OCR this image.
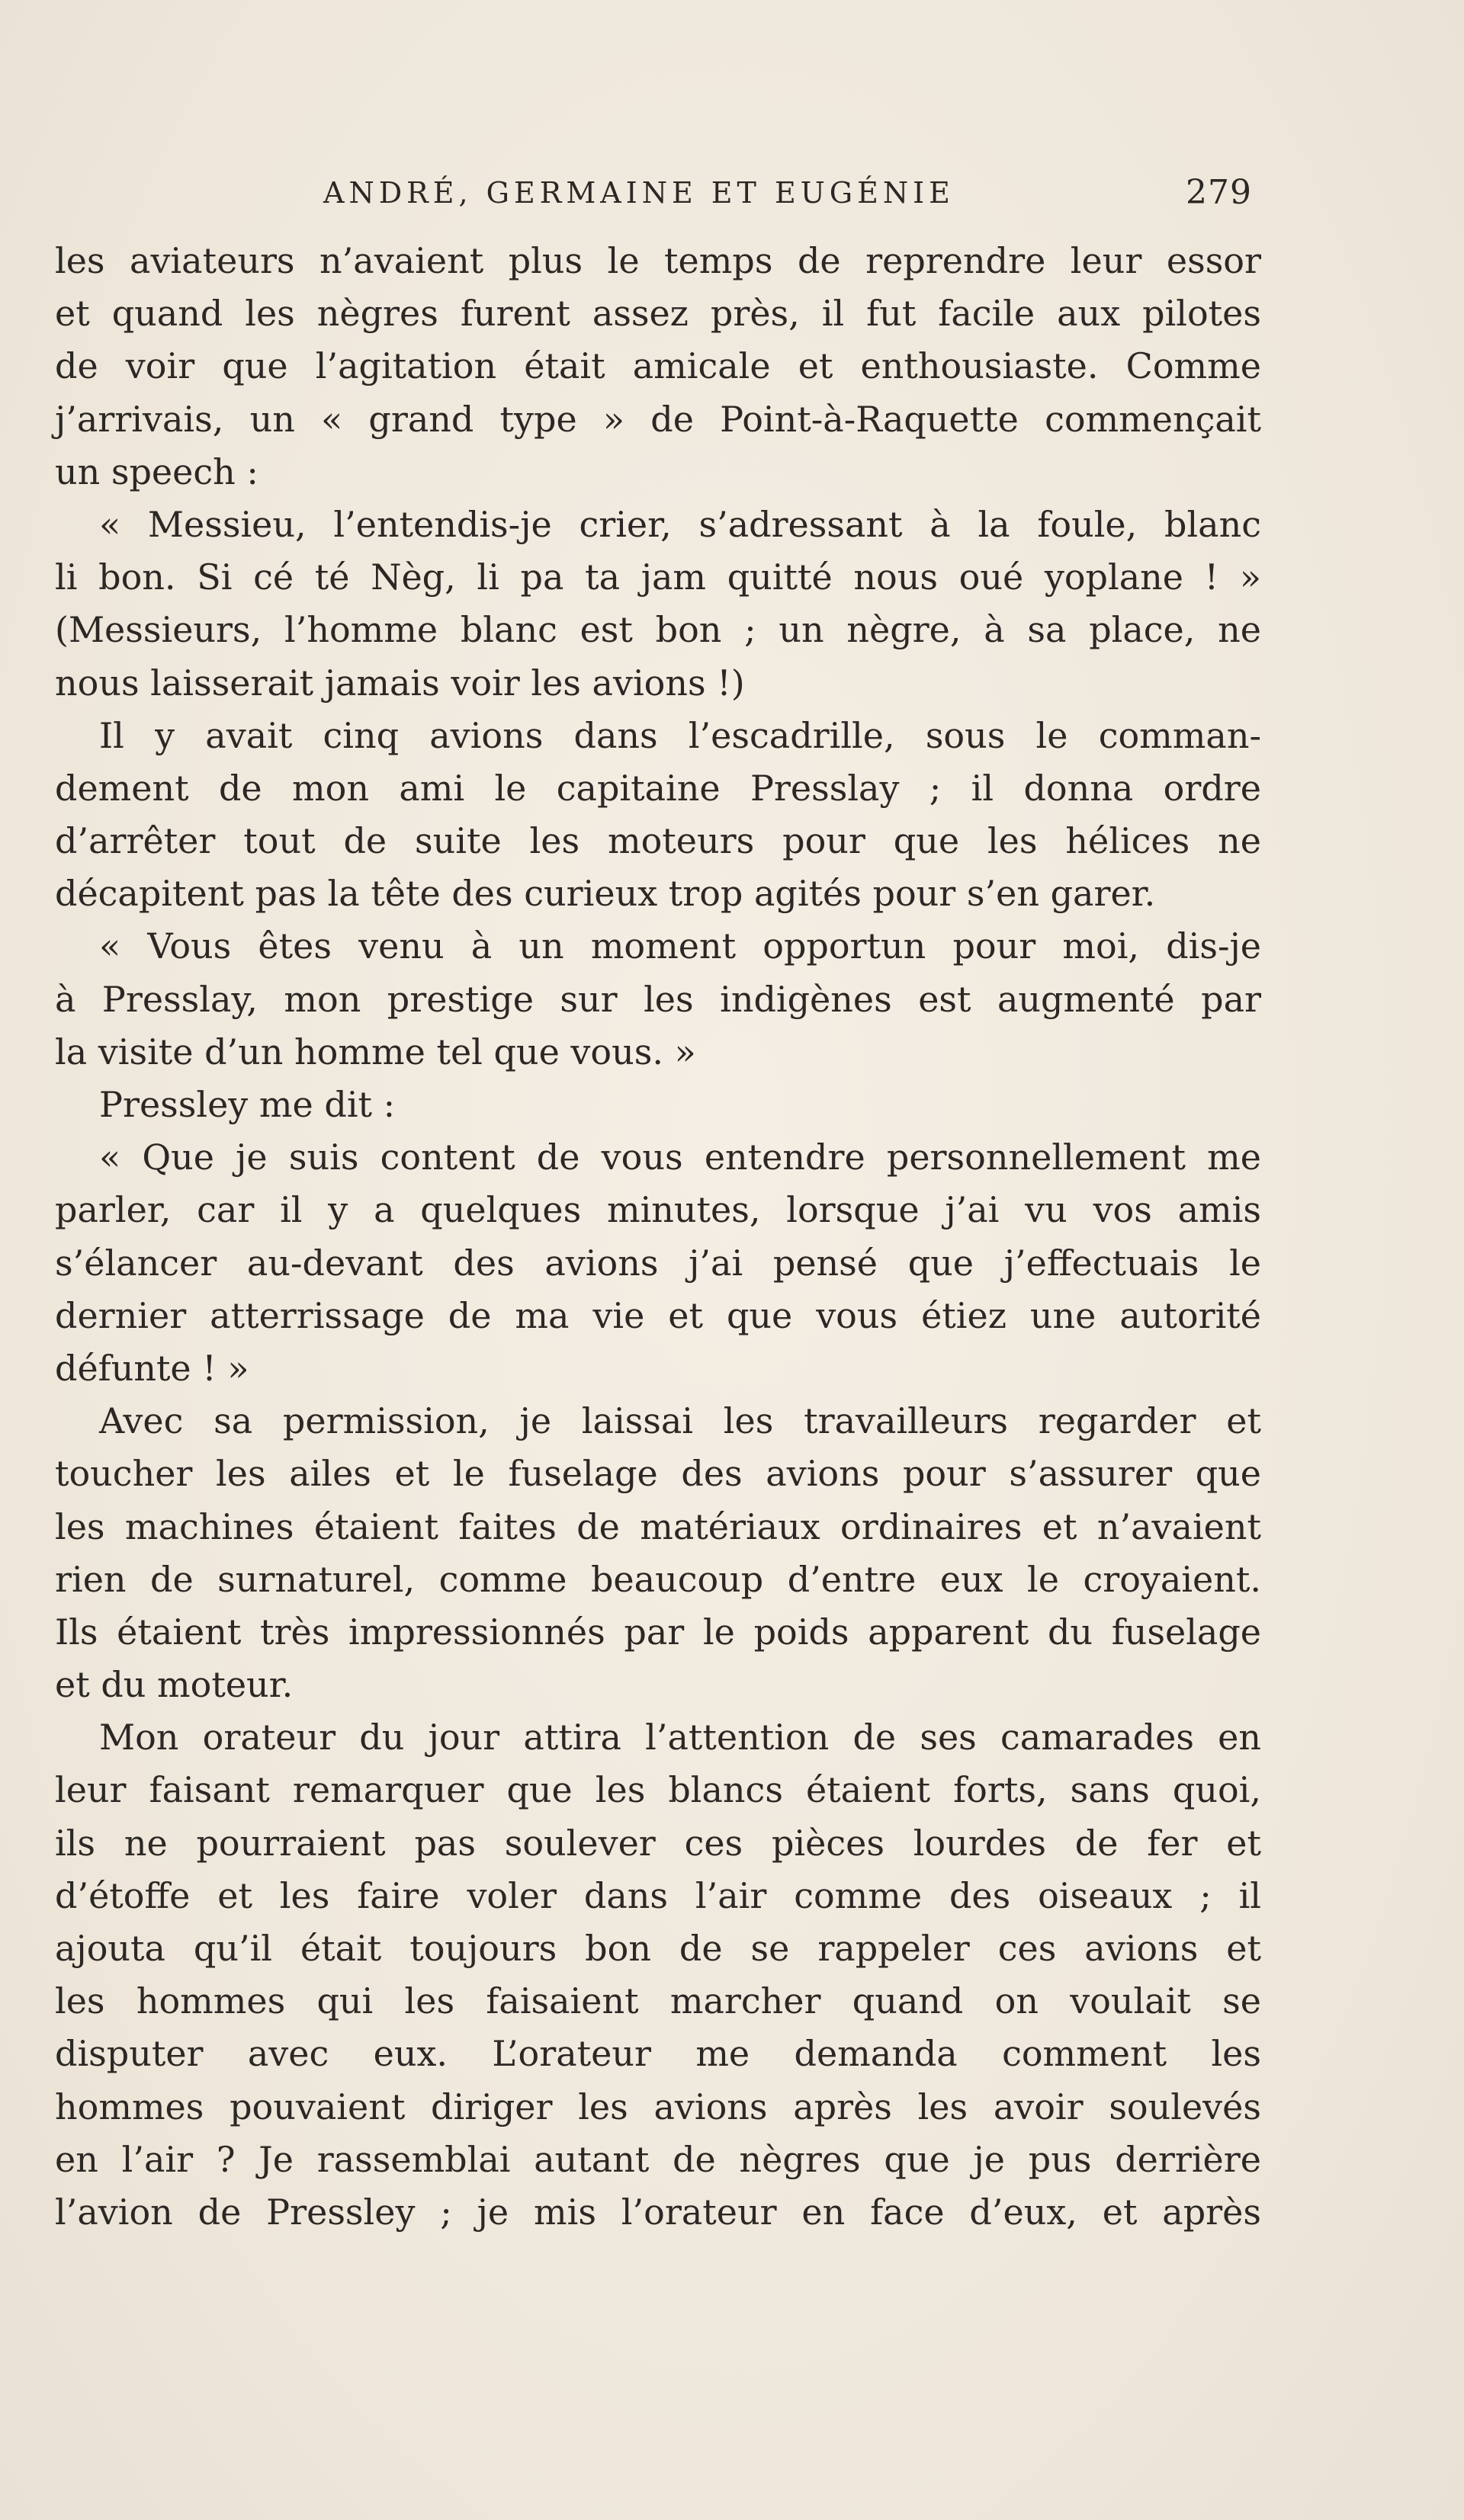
ANDRÉ, GERMAINE ET EUGÉNIE	279
les aviateurs n’avaient plus le temps de reprendre leur essor
et quand les nègres furent assez près, il fut facile aux pilotes
de voir que l’agitation était amicale et enthousiaste. Comme
j’arrivais, un « grand type » de Point-à-Raquette commençait
un speech :
« Messieu, l’entendis-je crier, s’adressant à la foule, blanc
li bon. Si cé té Nèg, li pa ta jam quitté nous oué yoplane ! »
(Messieurs, l’homme blanc est bon ; un nègre, à sa place, ne
nous laisserait jamais voir les avions !)
Il y avait cinq avions dans l’escadrille, sous le comman-
dement de mon ami le capitaine Presslay ; il donna ordre
d’arrêter tout de suite les moteurs pour que les hélices ne
décapitent pas la tête des curieux trop agités pour s’en garer.
« Vous êtes venu à un moment opportun pour moi, dis-je
à Presslay, mon prestige sur les indigènes est augmenté par
la visite d’un homme tel que vous. »
Pressley me dit :
« Que je suis content de vous entendre personnellement me
parler, car il y a quelques minutes, lorsque j’ai vu vos amis
s’élancer au-devant des avions j’ai pensé que j’effectuais le
dernier atterrissage de ma vie et que vous étiez une autorité
défunte ! »
Avec sa permission, je laissai les travailleurs regarder et
toucher les ailes et le fuselage des avions pour s’assurer que
les machines étaient faites de matériaux ordinaires et n’avaient
rien de surnaturel, comme beaucoup d’entre eux le croyaient.
Ils étaient très impressionnés par le poids apparent du fuselage
et du moteur.
Mon orateur du jour attira l’attention de ses camarades en
leur faisant remarquer que les blancs étaient forts, sans quoi,
ils ne pourraient pas soulever ces pièces lourdes de fer et
d’étoffe et les faire voler dans l’air comme des oiseaux ; il
ajouta qu’il était toujours bon de se rappeler ces avions et
les hommes qui les faisaient marcher quand on voulait se
disputer avec eux. L’orateur me demanda comment les
hommes pouvaient diriger les avions après les avoir soulevés
en l’air ? Je rassemblai autant de nègres que je pus derrière
l’avion de Pressley ; je mis l’orateur en face d’eux, et après
